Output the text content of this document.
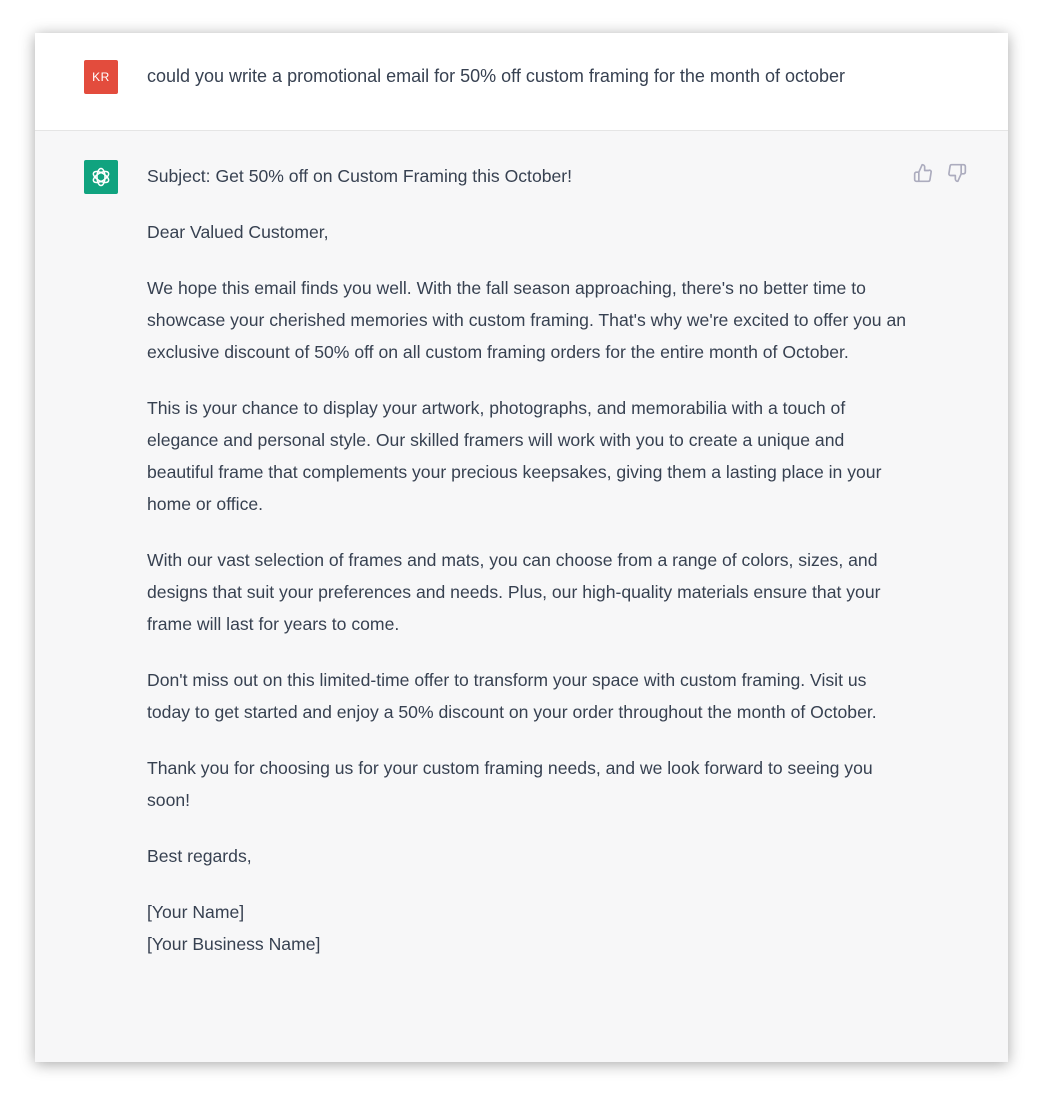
KR	could you write a promotional email for 50% off custom framing for the month of october

Subject: Get 50% off on Custom Framing this October!

Dear Valued Customer,

We hope this email finds you well. With the fall season approaching, there's no better time to showcase your cherished memories with custom framing. That's why we're excited to offer you an exclusive discount of 50% off on all custom framing orders for the entire month of October.

This is your chance to display your artwork, photographs, and memorabilia with a touch of elegance and personal style. Our skilled framers will work with you to create a unique and beautiful frame that complements your precious keepsakes, giving them a lasting place in your home or office.

With our vast selection of frames and mats, you can choose from a range of colors, sizes, and designs that suit your preferences and needs. Plus, our high-quality materials ensure that your frame will last for years to come.

Don't miss out on this limited-time offer to transform your space with custom framing. Visit us today to get started and enjoy a 50% discount on your order throughout the month of October.

Thank you for choosing us for your custom framing needs, and we look forward to seeing you soon!

Best regards,

[Your Name]
[Your Business Name]
